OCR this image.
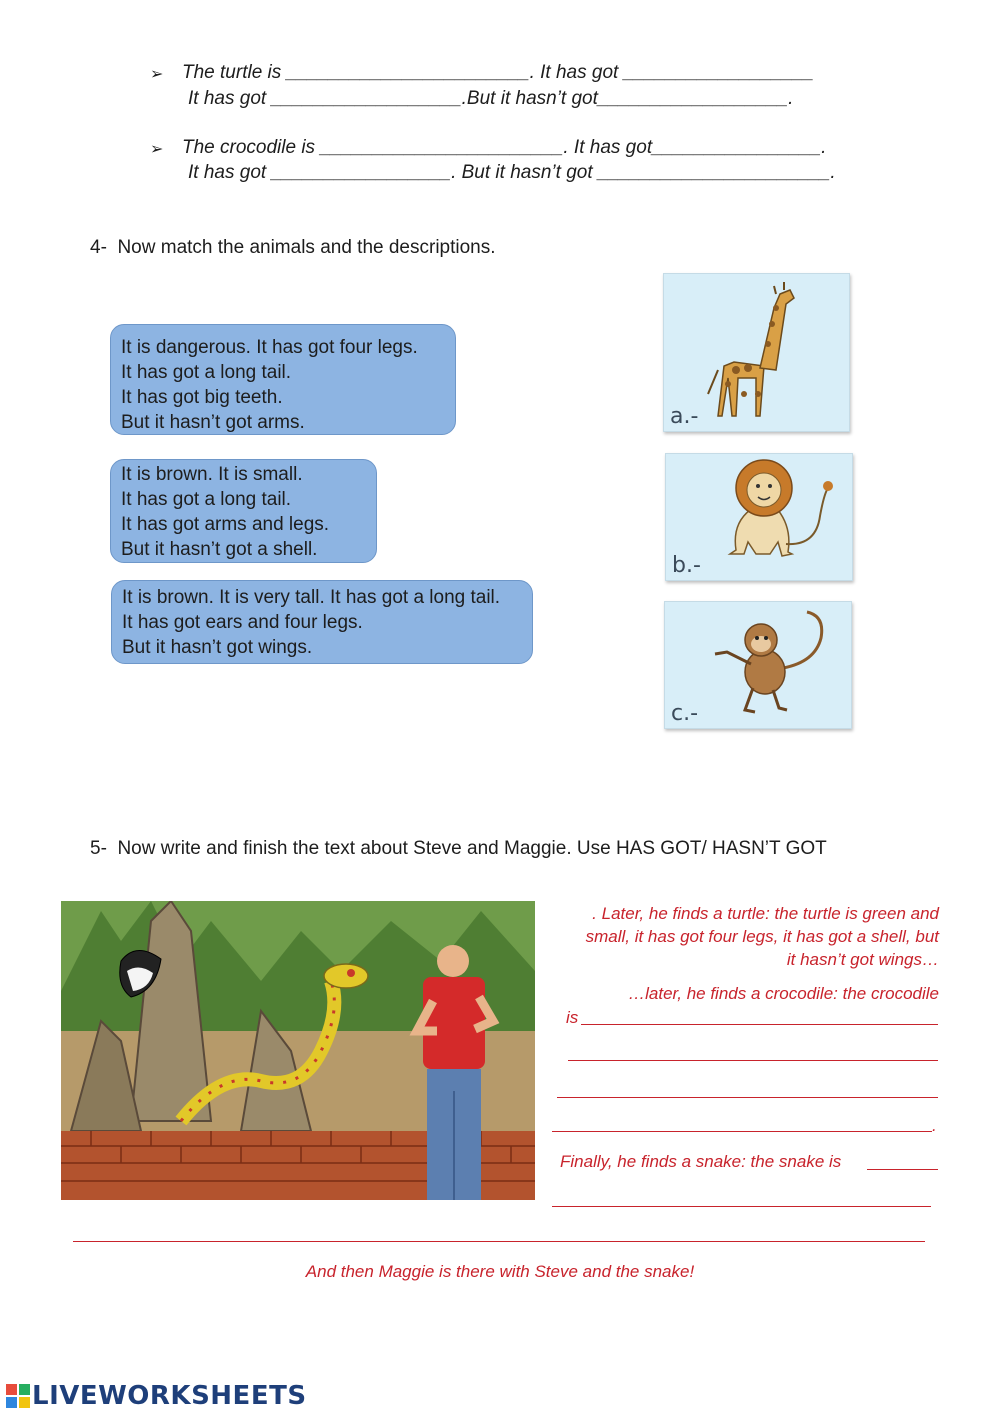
➢ The turtle is _______________________. It has got __________________
It has got __________________.But it hasn’t got__________________.
➢ The crocodile is _______________________. It has got________________.
It has got _________________. But it hasn’t got ______________________.
4-  Now match the animals and the descriptions.
It is dangerous. It has got four legs.
It has got a long tail.
It has got big teeth.
But it hasn’t got arms.
It is brown. It is small.
It has got a long tail.
It has got arms and legs.
But it hasn’t got a shell.
It is brown. It is very tall. It has got a long tail.
It has got ears and four legs.
But it hasn’t got wings.
a.-
b.-
c.-
5-  Now write and finish the text about Steve and Maggie. Use HAS GOT/ HASN’T GOT
. Later, he finds a turtle: the turtle is green and
small, it has got four legs, it has got a shell, but
it hasn’t got wings…
…later, he finds a crocodile: the crocodile
is
.
Finally, he finds a snake: the snake is
And then Maggie is there with Steve and the snake!
LIVEWORKSHEETS
